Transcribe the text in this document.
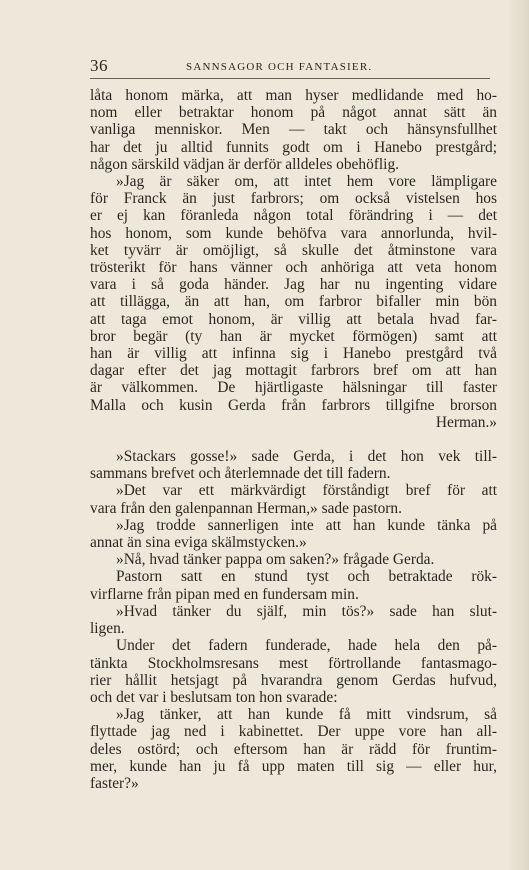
36	SANNSAGOR OCH FANTASIER.
låta honom märka, att man hyser medlidande med ho-
nom eller betraktar honom på något annat sätt än
vanliga menniskor. Men — takt och hänsynsfullhet
har det ju alltid funnits godt om i Hanebo prestgård;
någon särskild vädjan är derför alldeles obehöflig.
»Jag är säker om, att intet hem vore lämpligare
för Franck än just farbrors; om också vistelsen hos
er ej kan föranleda någon total förändring i — det
hos honom, som kunde behöfva vara annorlunda, hvil-
ket tyvärr är omöjligt, så skulle det åtminstone vara
trösterikt för hans vänner och anhöriga att veta honom
vara i så goda händer. Jag har nu ingenting vidare
att tillägga, än att han, om farbror bifaller min bön
att taga emot honom, är villig att betala hvad far-
bror begär (ty han är mycket förmögen) samt att
han är villig att infinna sig i Hanebo prestgård två
dagar efter det jag mottagit farbrors bref om att han
är välkommen. De hjärtligaste hälsningar till faster
Malla och kusin Gerda från farbrors tillgifne brorson
Herman.»
»Stackars gosse!» sade Gerda, i det hon vek till-
sammans brefvet och återlemnade det till fadern.
»Det var ett märkvärdigt förståndigt bref för att
vara från den galenpannan Herman,» sade pastorn.
»Jag trodde sannerligen inte att han kunde tänka på
annat än sina eviga skälmstycken.»
»Nå, hvad tänker pappa om saken?» frågade Gerda.
Pastorn satt en stund tyst och betraktade rök-
virflarne från pipan med en fundersam min.
»Hvad tänker du själf, min tös?» sade han slut-
ligen.
Under det fadern funderade, hade hela den på-
tänkta Stockholmsresans mest förtrollande fantasmago-
rier hållit hetsjagt på hvarandra genom Gerdas hufvud,
och det var i beslutsam ton hon svarade:
»Jag tänker, att han kunde få mitt vindsrum, så
flyttade jag ned i kabinettet. Der uppe vore han all-
deles ostörd; och eftersom han är rädd för fruntim-
mer, kunde han ju få upp maten till sig — eller hur,
faster?»
